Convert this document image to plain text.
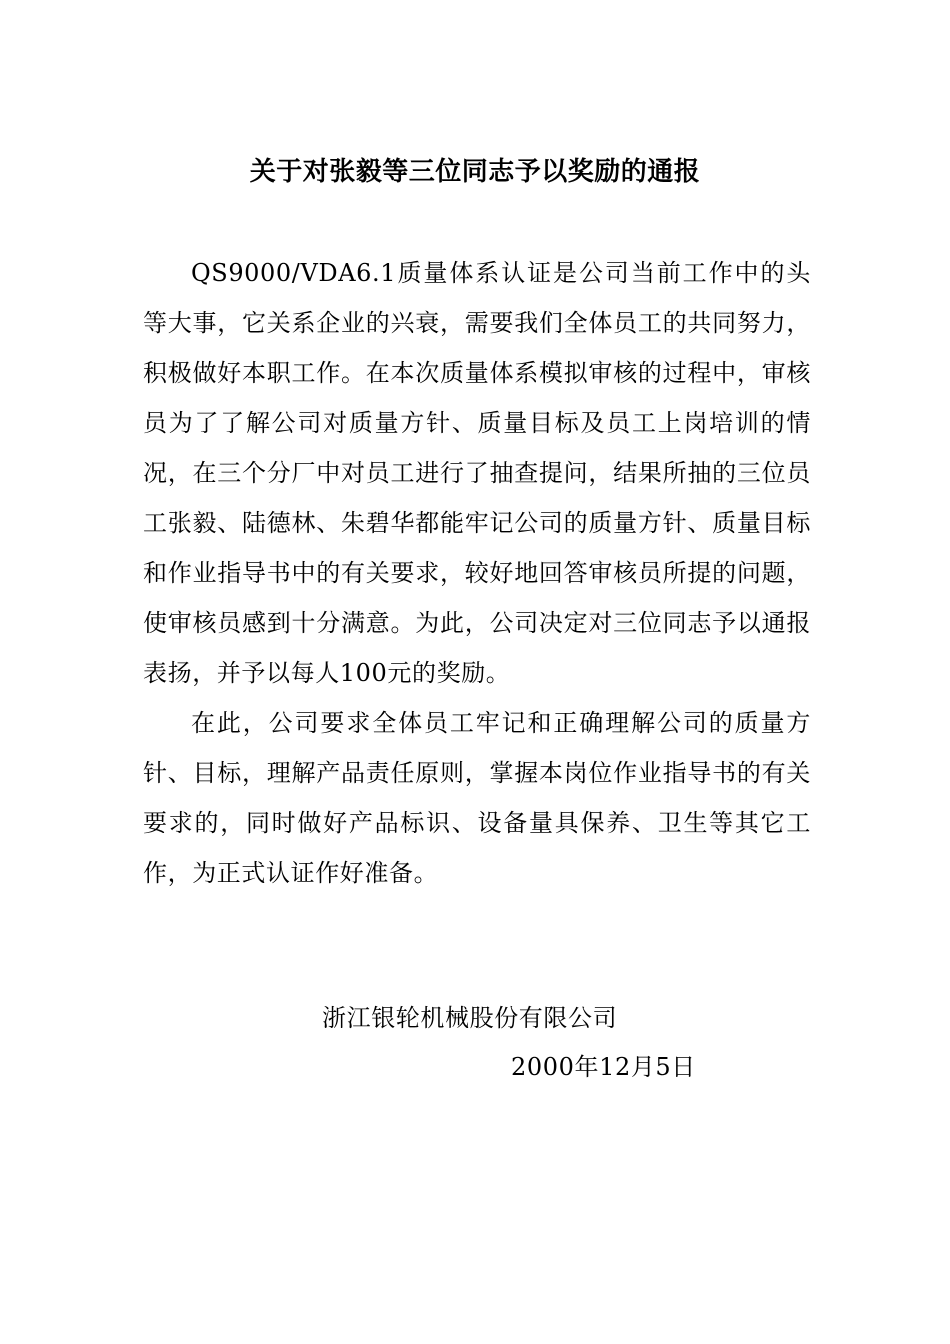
关于对张毅等三位同志予以奖励的通报

QS9000/VDA6.1质量体系认证是公司当前工作中的头等大事，它关系企业的兴衰，需要我们全体员工的共同努力，积极做好本职工作。在本次质量体系模拟审核的过程中，审核员为了了解公司对质量方针、质量目标及员工上岗培训的情况，在三个分厂中对员工进行了抽查提问，结果所抽的三位员工张毅、陆德林、朱碧华都能牢记公司的质量方针、质量目标和作业指导书中的有关要求，较好地回答审核员所提的问题，使审核员感到十分满意。为此，公司决定对三位同志予以通报表扬，并予以每人100元的奖励。

在此，公司要求全体员工牢记和正确理解公司的质量方针、目标，理解产品责任原则，掌握本岗位作业指导书的有关要求的，同时做好产品标识、设备量具保养、卫生等其它工作，为正式认证作好准备。

浙江银轮机械股份有限公司

2000年12月5日
